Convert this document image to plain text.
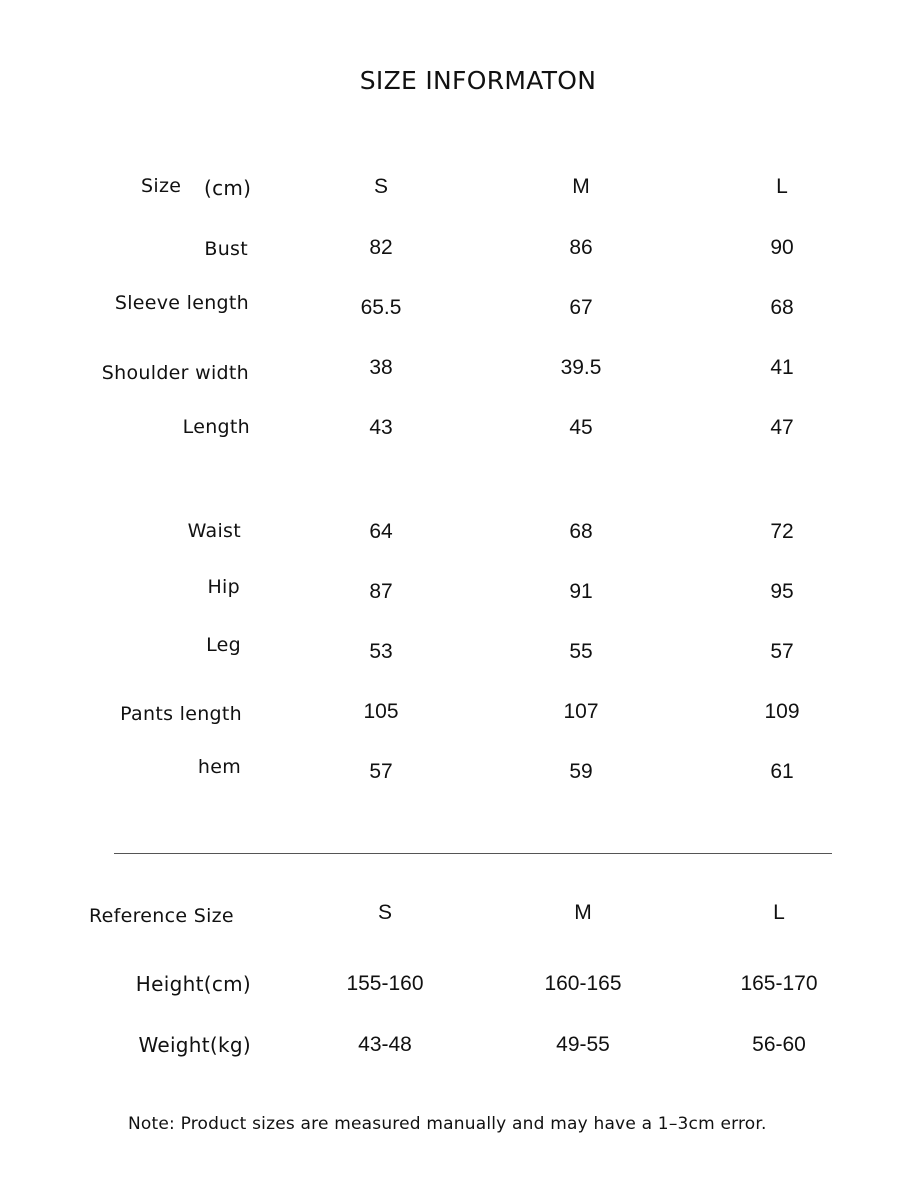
SIZE INFORMATON
Size (cm)	S	M	L
Bust	82	86	90
Sleeve length	65.5	67	68
Shoulder width	38	39.5	41
Length	43	45	47
Waist	64	68	72
Hip	87	91	95
Leg	53	55	57
Pants length	105	107	109
hem	57	59	61
Reference Size	S	M	L
Height(cm)	155-160	160-165	165-170
Weight(kg)	43-48	49-55	56-60
Note: Product sizes are measured manually and may have a 1–3cm error.
